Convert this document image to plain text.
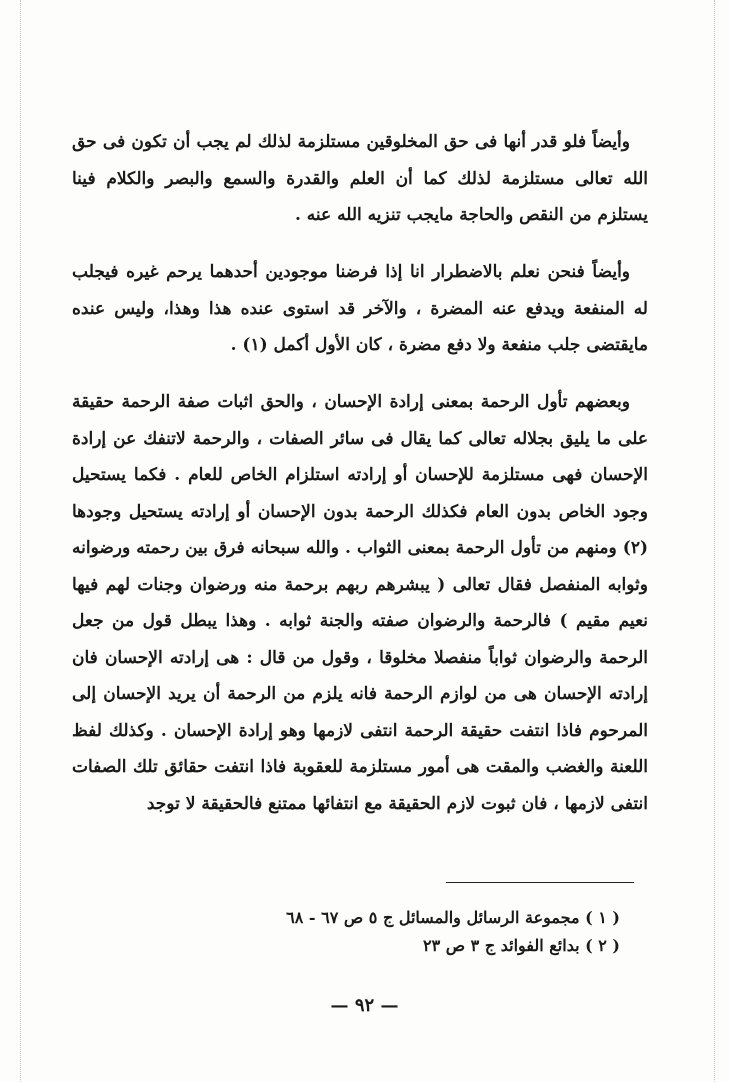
وأيضاً فلو قدر أنها فى حق المخلوقين مستلزمة لذلك لم يجب أن تكون فى حق الله تعالى مستلزمة لذلك كما أن العلم والقدرة والسمع والبصر والكلام فينا يستلزم من النقص والحاجة مايجب تنزيه الله عنه .

وأيضاً فنحن نعلم بالاضطرار انا إذا فرضنا موجودين أحدهما يرحم غيره فيجلب له المنفعة ويدفع عنه المضرة ، والآخر قد استوى عنده هذا وهذا، وليس عنده مايقتضى جلب منفعة ولا دفع مضرة ، كان الأول أكمل (١) .

وبعضهم تأول الرحمة بمعنى إرادة الإحسان ، والحق اثبات صفة الرحمة حقيقة على ما يليق بجلاله تعالى كما يقال فى سائر الصفات ، والرحمة لاتنفك عن إرادة الإحسان فهى مستلزمة للإحسان أو إرادته استلزام الخاص للعام . فكما يستحيل وجود الخاص بدون العام فكذلك الرحمة بدون الإحسان أو إرادته يستحيل وجودها (٢) ومنهم من تأول الرحمة بمعنى الثواب . والله سبحانه فرق بين رحمته ورضوانه وثوابه المنفصل فقال تعالى ( يبشرهم ربهم برحمة منه ورضوان وجنات لهم فيها نعيم مقيم ) فالرحمة والرضوان صفته والجنة ثوابه . وهذا يبطل قول من جعل الرحمة والرضوان ثواباً منفصلا مخلوقا ، وقول من قال : هى إرادته الإحسان فان إرادته الإحسان هى من لوازم الرحمة فانه يلزم من الرحمة أن يريد الإحسان إلى المرحوم فاذا انتفت حقيقة الرحمة انتفى لازمها وهو إرادة الإحسان . وكذلك لفظ اللعنة والغضب والمقت هى أمور مستلزمة للعقوبة فاذا انتفت حقائق تلك الصفات انتفى لازمها ، فان ثبوت لازم الحقيقة مع انتفائها ممتنع فالحقيقة لا توجد

( ١ ) مجموعة الرسائل والمسائل ج ٥ ص ٦٧ - ٦٨

( ٢ ) بدائع الفوائد ج ٣ ص ٢٣

— ٩٢ —
